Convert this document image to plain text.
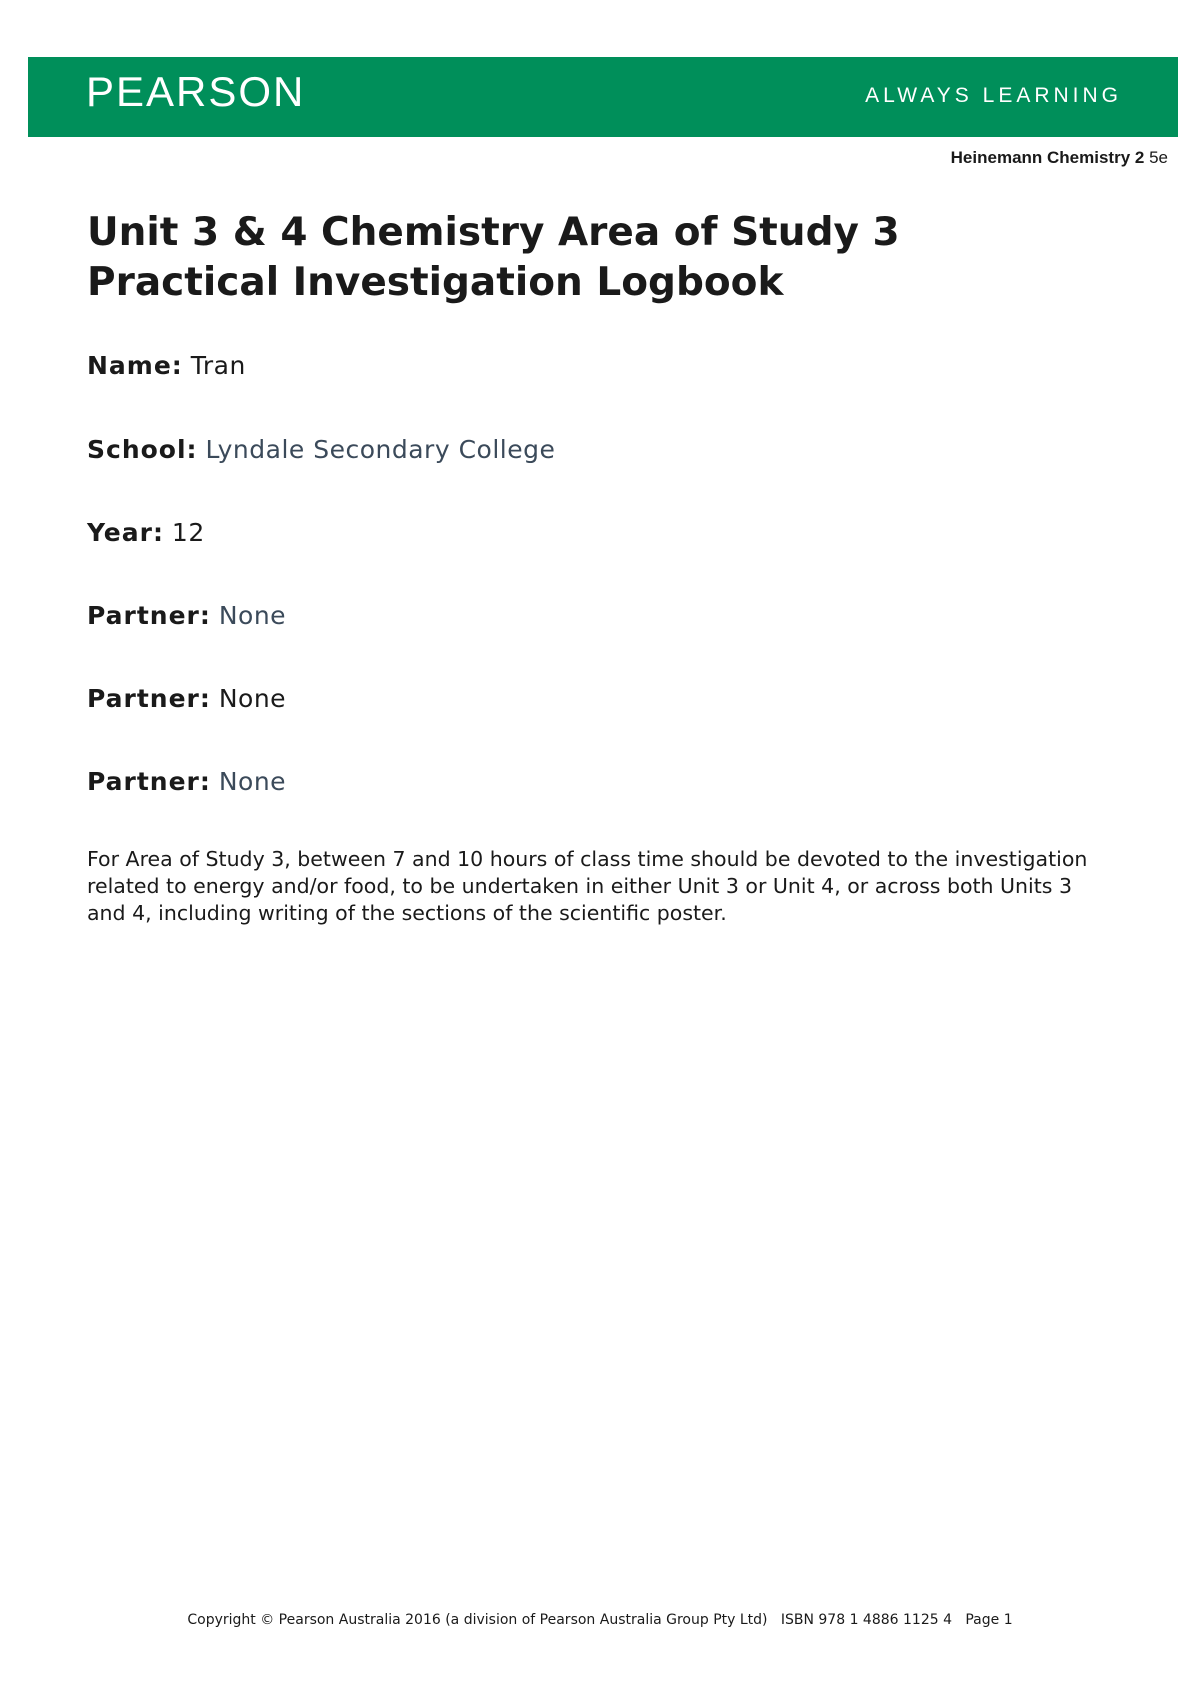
PEARSON	ALWAYS LEARNING
Heinemann Chemistry 2 5e
Unit 3 & 4 Chemistry Area of Study 3
Practical Investigation Logbook
Name: Tran
School: Lyndale Secondary College
Year: 12
Partner: None
Partner: None
Partner: None

For Area of Study 3, between 7 and 10 hours of class time should be devoted to the investigation related to energy and/or food, to be undertaken in either Unit 3 or Unit 4, or across both Units 3 and 4, including writing of the sections of the scientific poster.

Copyright © Pearson Australia 2016 (a division of Pearson Australia Group Pty Ltd) ISBN 978 1 4886 1125 4 Page 1
